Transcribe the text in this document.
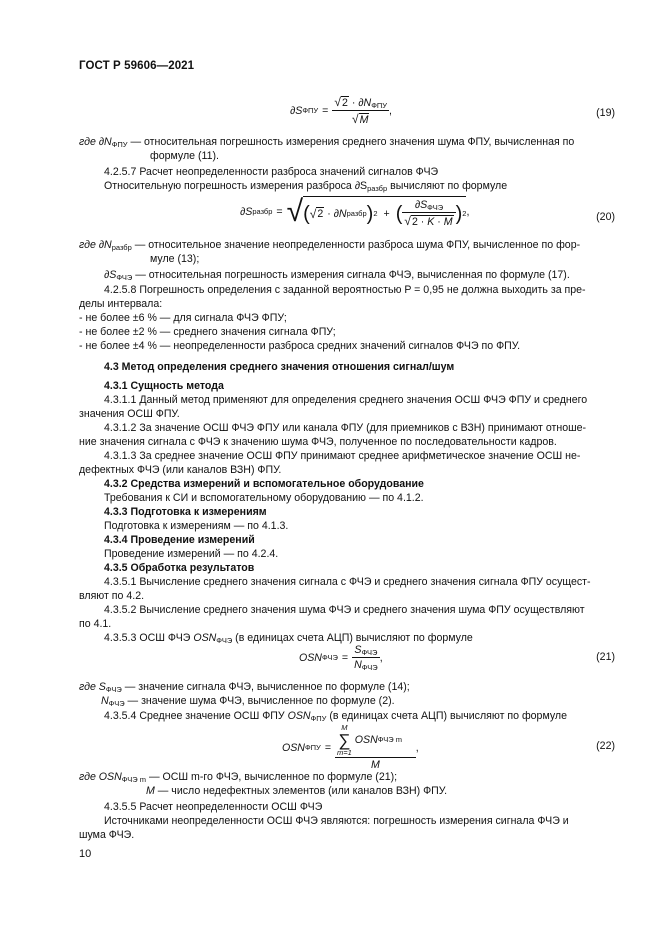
ГОСТ Р 59606—2021
∂S ФПУ = $\frac{√2 \cdot \partial N_{ФПУ}}{√M}$ ,	(19)
где $\partial N_{ФПУ}$ — относительная погрешность измерения среднего значения шума ФПУ, вычисленная по
формуле (11).
4.2.5.7 Расчет неопределенности разброса значений сигналов ФЧЭ
Относительную погрешность измерения разброса $\partial S_{разбр}$ вычисляют по формуле
∂S разбр = √ ( √ 2
·
∂N разбр ) 2 + ( $\frac{\partial S_{ФЧЭ}}{√2 \cdot K \cdot M}$ ) 2 ,	(20)
где $\partial N_{разбр}$ — относительное значение неопределенности разброса шума ФПУ, вычисленное по фор-
муле (13);
$\partial S_{ФЧЭ}$ — относительная погрешность измерения сигнала ФЧЭ, вычисленная по формуле (17).
4.2.5.8 Погрешность определения с заданной вероятностью P = 0,95 не должна выходить за пре-
делы интервала:
- не более ±6 % — для сигнала ФЧЭ ФПУ;
- не более ±2 % — среднего значения сигнала ФПУ;
- не более ±4 % — неопределенности разброса средних значений сигналов ФЧЭ по ФПУ.
4.3 Метод определения среднего значения отношения сигнал/шум
4.3.1 Сущность метода
4.3.1.1 Данный метод применяют для определения среднего значения ОСШ ФЧЭ ФПУ и среднего
значения ОСШ ФПУ.
4.3.1.2 За значение ОСШ ФЧЭ ФПУ или канала ФПУ (для приемников с ВЗН) принимают отноше-
ние значения сигнала с ФЧЭ к значению шума ФЧЭ, полученное по последовательности кадров.
4.3.1.3 За среднее значение ОСШ ФПУ принимают среднее арифметическое значение ОСШ не-
дефектных ФЧЭ (или каналов ВЗН) ФПУ.
4.3.2 Средства измерений и вспомогательное оборудование
Требования к СИ и вспомогательному оборудованию — по 4.1.2.
4.3.3 Подготовка к измерениям
Подготовка к измерениям — по 4.1.3.
4.3.4 Проведение измерений
Проведение измерений — по 4.2.4.
4.3.5 Обработка результатов
4.3.5.1 Вычисление среднего значения сигнала с ФЧЭ и среднего значения сигнала ФПУ осущест-
вляют по 4.2.
4.3.5.2 Вычисление среднего значения шума ФЧЭ и среднего значения шума ФПУ осуществляют
по 4.1.
4.3.5.3 ОСШ ФЧЭ $OSN_{ФЧЭ}$ (в единицах счета АЦП) вычисляют по формуле
OSN ФЧЭ = $\frac{S_{ФЧЭ}}{N_{ФЧЭ}}$ ,	(21)
где $S_{ФЧЭ}$ — значение сигнала ФЧЭ, вычисленное по формуле (14);
$N_{ФЧЭ}$ — значение шума ФЧЭ, вычисленное по формуле (2).
4.3.5.4 Среднее значение ОСШ ФПУ $OSN_{ФПУ}$ (в единицах счета АЦП) вычисляют по формуле
OSN ФПУ =
M
∑
m=1

OSN ФЧЭ m

M
,	(22)
где $OSN_{ФЧЭ m}$ — ОСШ m-го ФЧЭ, вычисленное по формуле (21);
M — число недефектных элементов (или каналов ВЗН) ФПУ.
4.3.5.5 Расчет неопределенности ОСШ ФЧЭ
Источниками неопределенности ОСШ ФЧЭ являются: погрешность измерения сигнала ФЧЭ и
шума ФЧЭ.
10
